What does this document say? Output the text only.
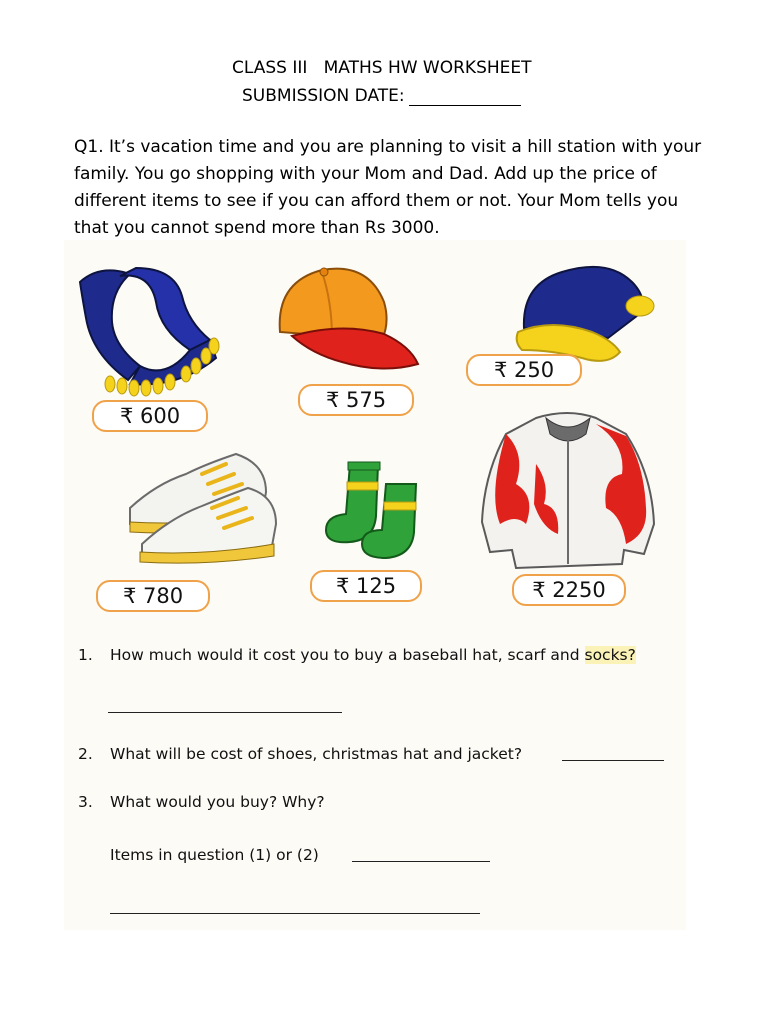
CLASS III   MATHS HW WORKSHEET
SUBMISSION DATE:
Q1. It’s vacation time and you are planning to visit a hill station with your family. You go shopping with your Mom and Dad. Add up the price of different items to see if you can afford them or not. Your Mom tells you that you cannot spend more than Rs 3000.
₹ 600
₹ 575
₹ 250
₹ 780	₹ 125	₹ 2250
1. How much would it cost you to buy a baseball hat, scarf and socks?
2. What will be cost of shoes, christmas hat and jacket?
3. What would you buy? Why?
Items in question (1) or (2)
